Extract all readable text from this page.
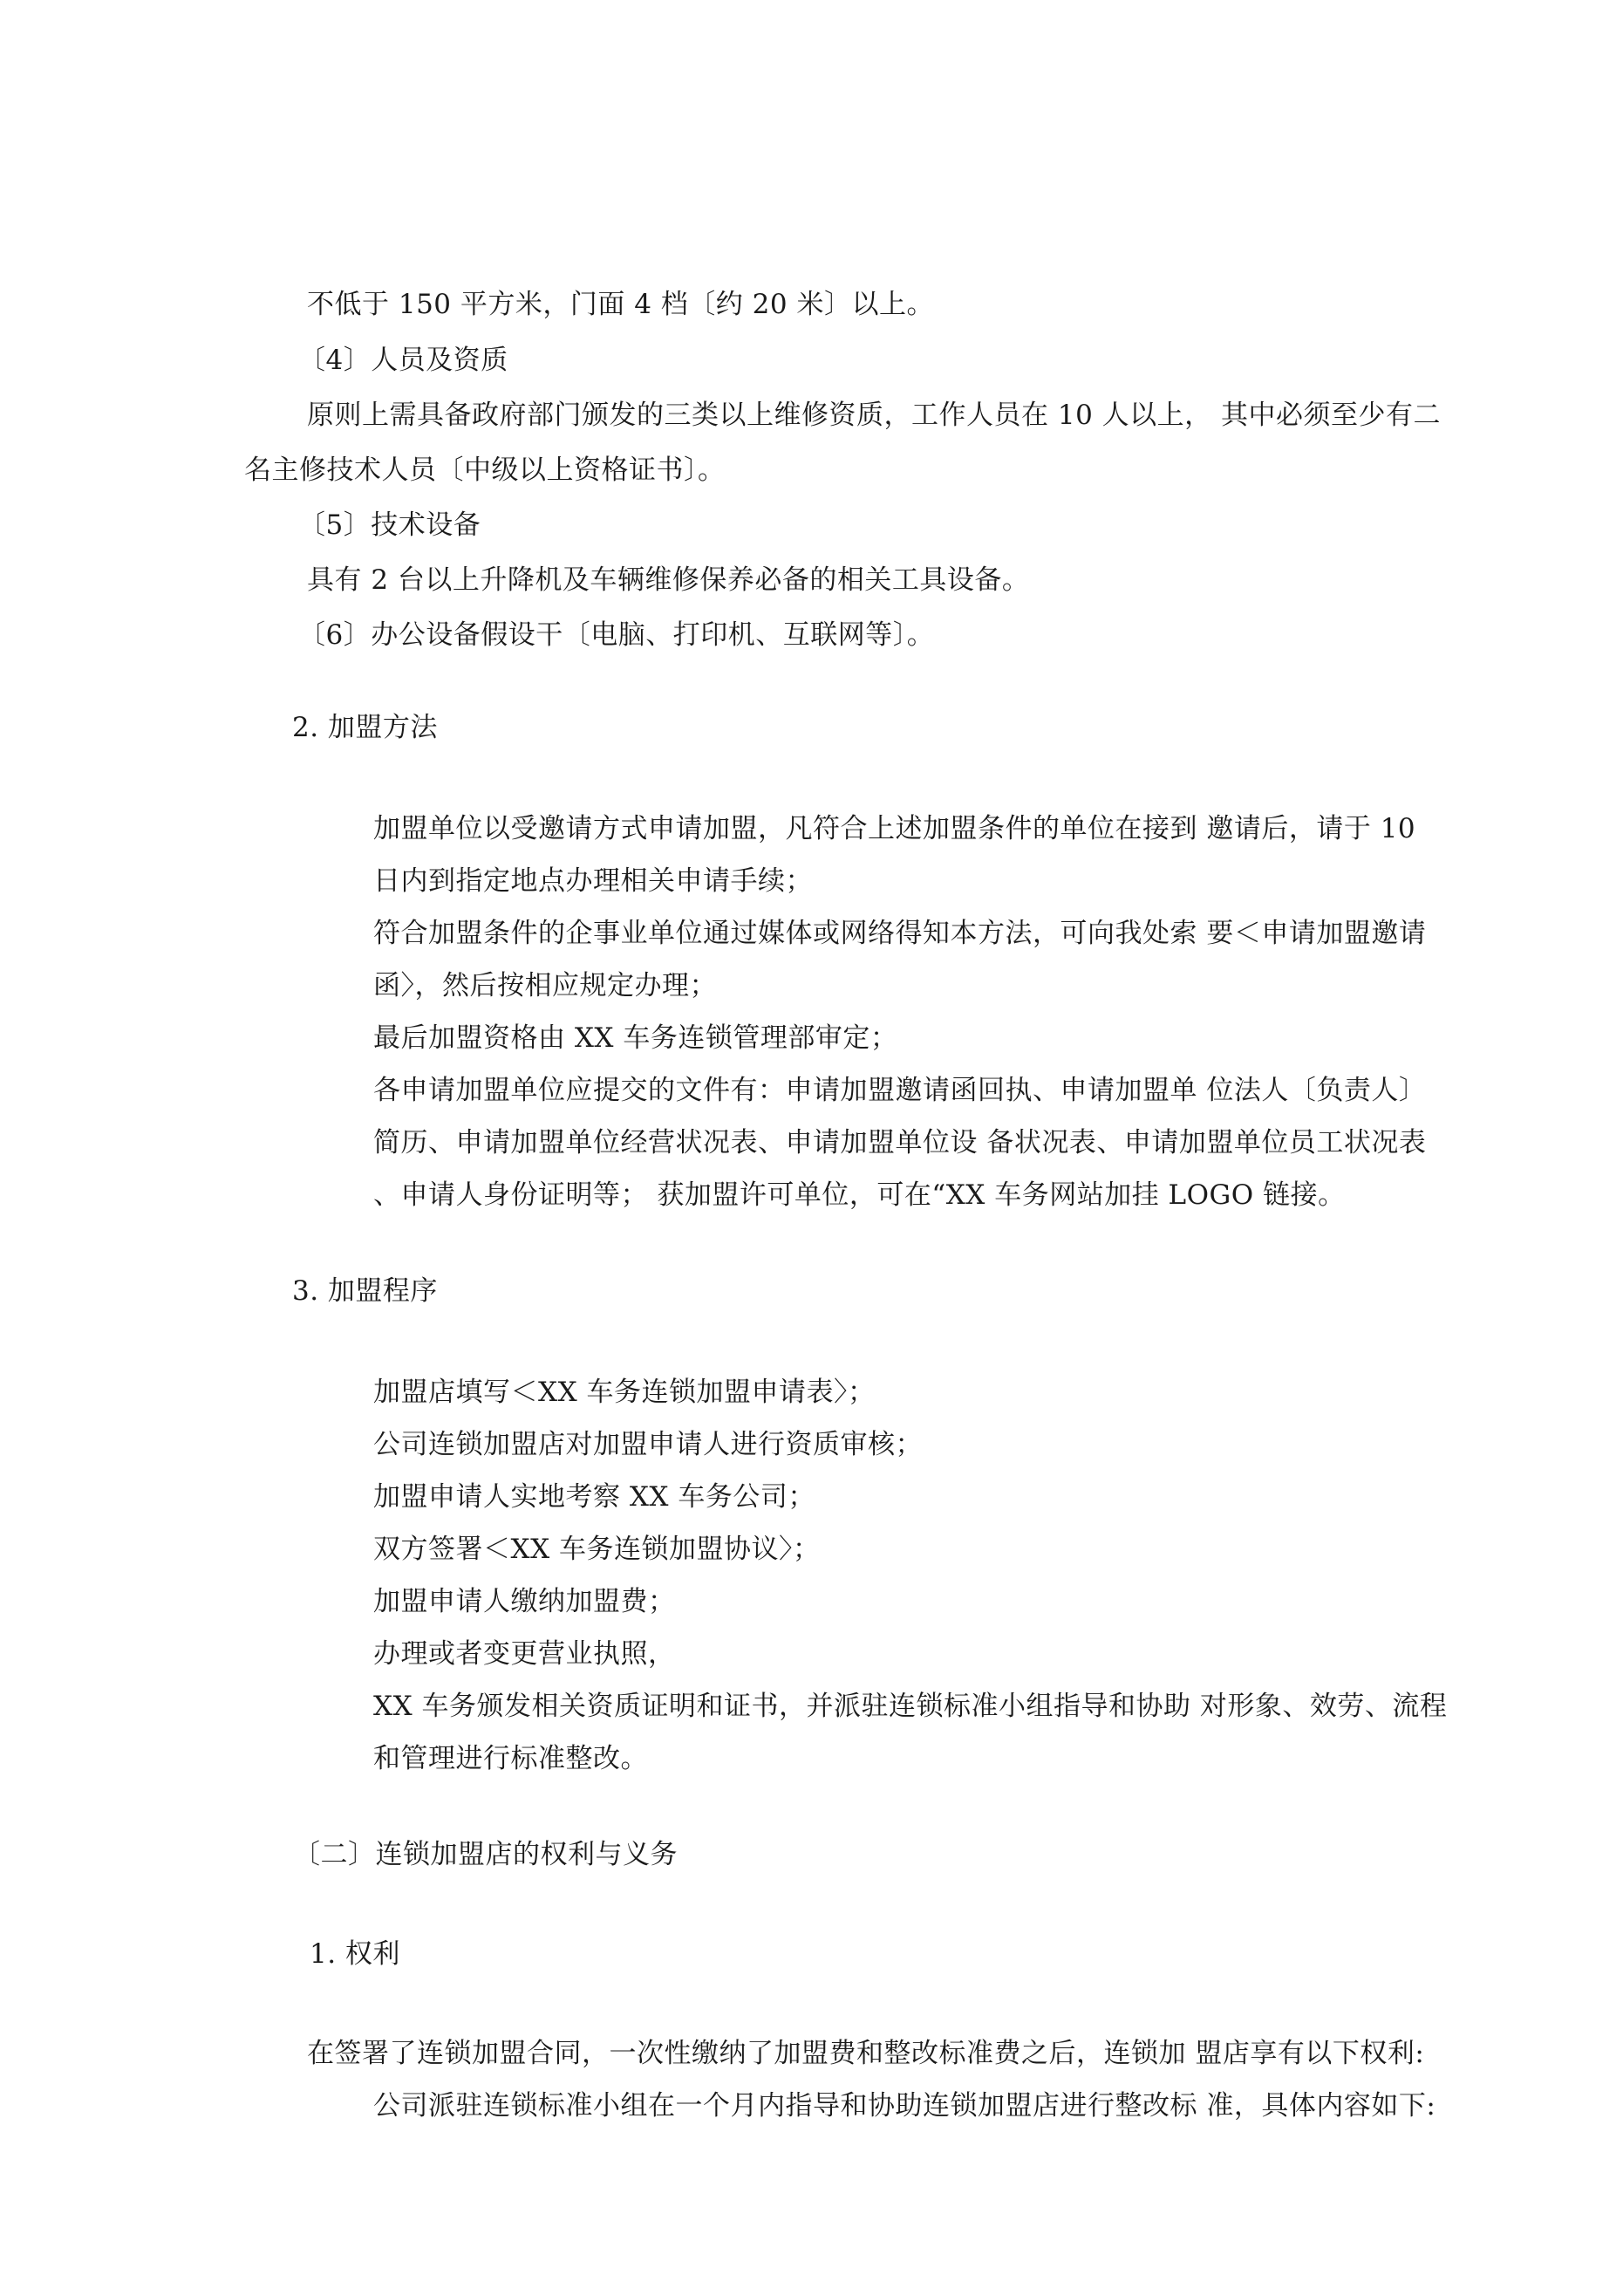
不低于 150 平方米，门面 4 档〔约 20 米〕以上。
〔4〕人员及资质
原则上需具备政府部门颁发的三类以上维修资质，工作人员在 10 人以上， 其中必须至少有二
名主修技术人员〔中级以上资格证书〕。
〔5〕技术设备
具有 2 台以上升降机及车辆维修保养必备的相关工具设备。
〔6〕办公设备假设干〔电脑、打印机、互联网等〕。
2. 加盟方法
加盟单位以受邀请方式申请加盟，凡符合上述加盟条件的单位在接到 邀请后，请于 10
日内到指定地点办理相关申请手续；
符合加盟条件的企事业单位通过媒体或网络得知本方法，可向我处索 要＜申请加盟邀请
函〉，然后按相应规定办理；
最后加盟资格由 XX 车务连锁管理部审定；
各申请加盟单位应提交的文件有：申请加盟邀请函回执、申请加盟单 位法人〔负责人〕
简历、申请加盟单位经营状况表、申请加盟单位设 备状况表、申请加盟单位员工状况表
、申请人身份证明等； 获加盟许可单位，可在“XX 车务网站加挂 LOGO 链接。
3. 加盟程序
加盟店填写＜XX 车务连锁加盟申请表〉；
公司连锁加盟店对加盟申请人进行资质审核；
加盟申请人实地考察 XX 车务公司；
双方签署＜XX 车务连锁加盟协议〉；
加盟申请人缴纳加盟费；
办理或者变更营业执照，
XX 车务颁发相关资质证明和证书，并派驻连锁标准小组指导和协助 对形象、效劳、流程
和管理进行标准整改。
〔二〕连锁加盟店的权利与义务
1. 权利
在签署了连锁加盟合同，一次性缴纳了加盟费和整改标准费之后，连锁加 盟店享有以下权利:
公司派驻连锁标准小组在一个月内指导和协助连锁加盟店进行整改标 准，具体内容如下:
